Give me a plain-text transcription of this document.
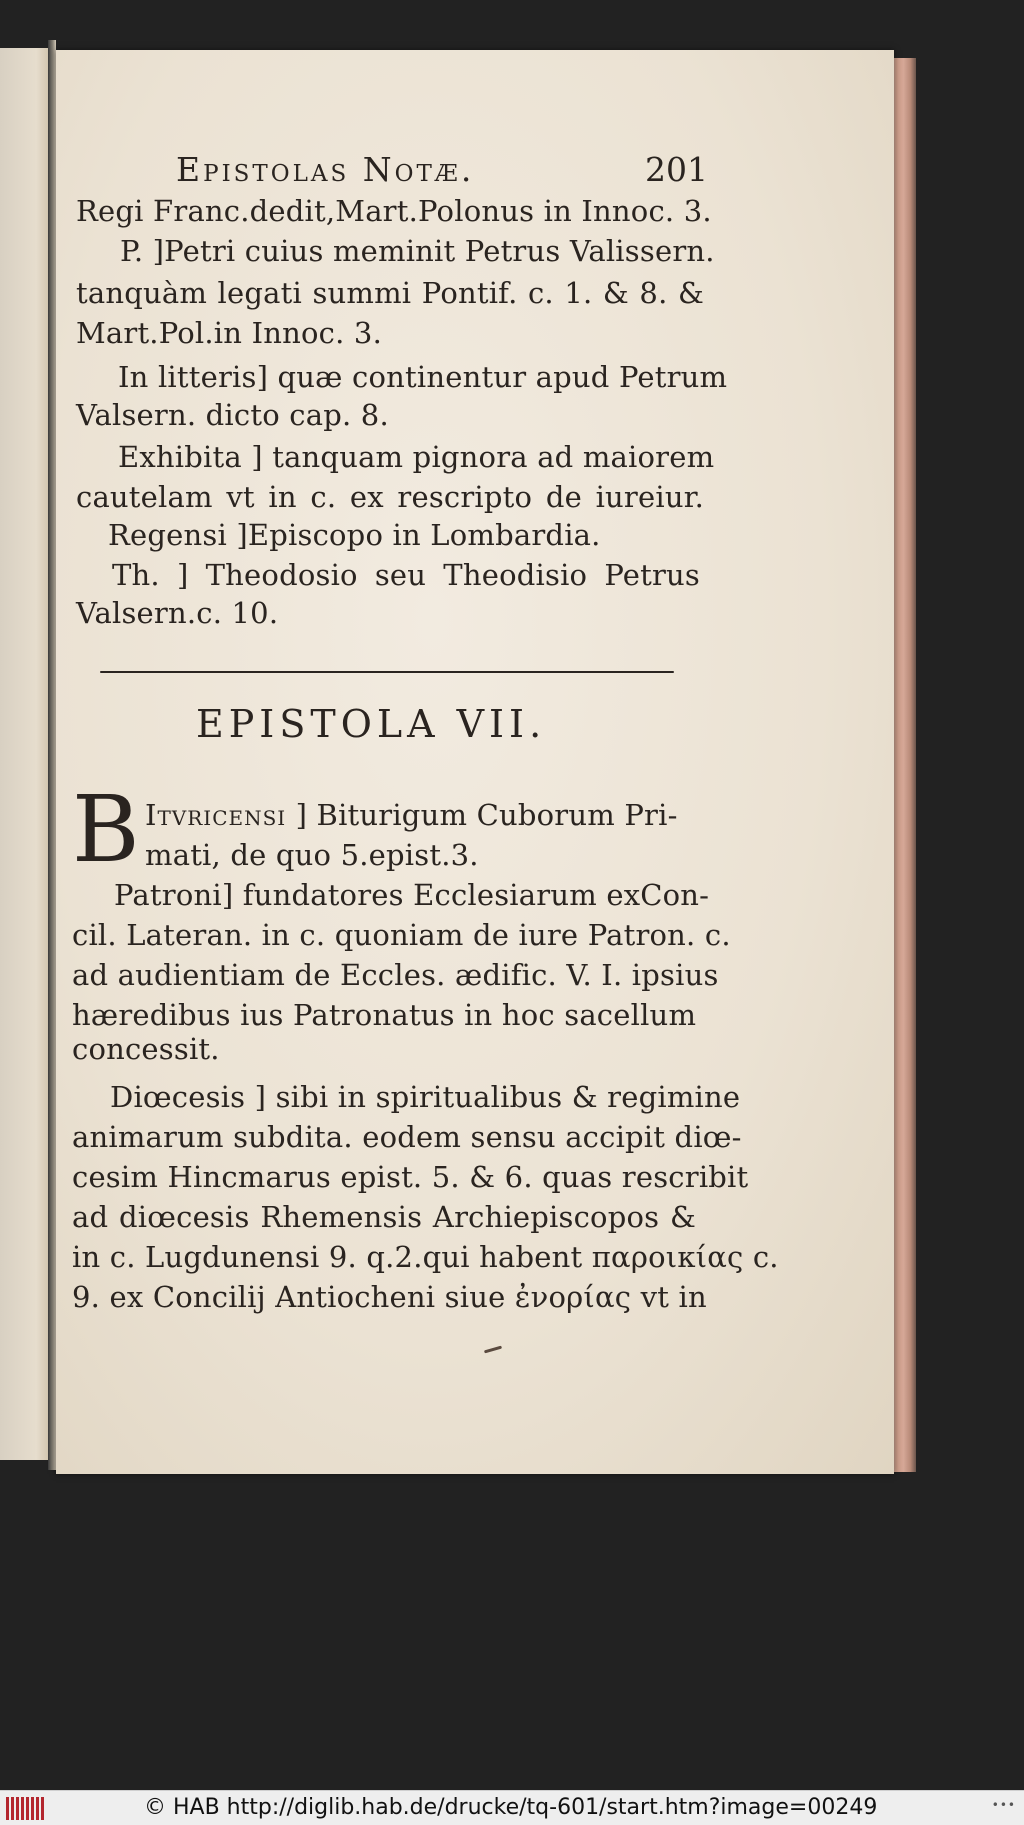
Epistolas Notæ.	201
Regi Franc.dedit,Mart.Polonus in Innoc. 3.
P. ]Petri cuius meminit Petrus Valissern.
tanquàm legati summi Pontif. c. 1. & 8. &
Mart.Pol.in Innoc. 3.
In litteris] quæ continentur apud Petrum
Valsern. dicto cap. 8.
Exhibita ] tanquam pignora ad maiorem
cautelam vt in c. ex rescripto de iureiur.
Regensi ]Episcopo in Lombardia.
Th. ] Theodosio seu Theodisio Petrus
Valsern.c. 10.
EPISTOLA VII.
B Itvricensi ] Biturigum Cuborum Pri-
mati, de quo 5.epist.3.
Patroni] fundatores Ecclesiarum exCon-
cil. Lateran. in c. quoniam de iure Patron. c.
ad audientiam de Eccles. ædific. V. I. ipsius
hæredibus ius Patronatus in hoc sacellum
concessit.
Diœcesis ] sibi in spiritualibus & regimine
animarum subdita. eodem sensu accipit diœ-
cesim Hincmarus epist. 5. & 6. quas rescribit
ad diœcesis Rhemensis Archiepiscopos &
in c. Lugdunensi 9. q.2.qui habent παροικίας c.
9. ex Concilij Antiocheni siue ἐνορίας vt in
© HAB http://diglib.hab.de/drucke/tq-601/start.htm?image=00249	•••
